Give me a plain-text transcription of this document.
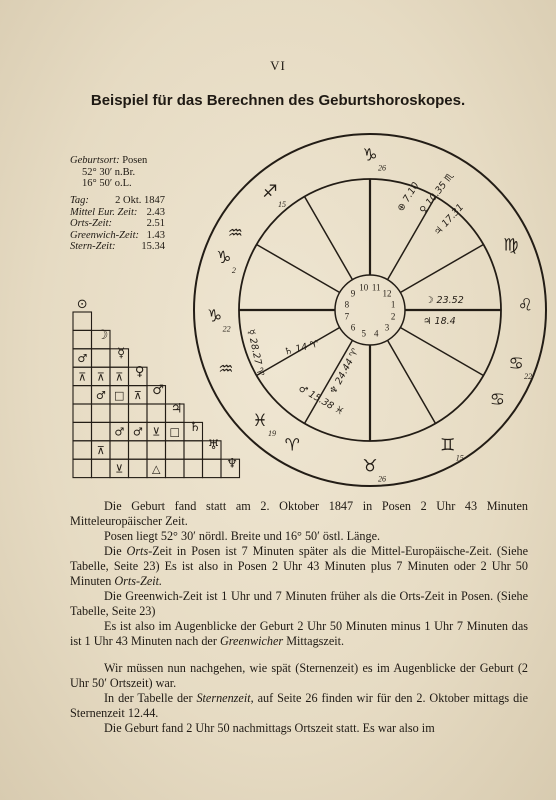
VI
Beispiel für das Berechnen des Geburtshoroskopes.
Geburtsort: Posen
52° 30′ n.Br.
16° 50′ o.L.
Tag:	2 Okt. 1847
Mittel Eur. Zeit: 2.43
Orts-Zeit:	2.51
Greenwich-Zeit: 1.43
Stern-Zeit: 15.34
1
2
3
4
5
6
7
8
9
10 11
12
♑
26
♒
♍
♌
♋
22
♋
♊
15
♉
26
♈
♓
19
♒
♑
22
♑
2
♐
15	⊕ 7.10
♀ 10.35 ♏
♃ 17.31
☽ 23.52
♃ 18.4
♄ 14 ♈
♂ 15.38 ♓
☿ 28.27 ♈	♆ 24.44 ♈
⊙
☽
☿
♀
♂
♃
♄
♅
♆
♂
⊼ ⊼ ⊼
♂ □ ⊼
♂ ♂ ⊻ □
⊼
⊻	△

Die Geburt fand statt am 2. Oktober 1847 in Posen 2 Uhr 43 Minuten Mitteleuropäischer Zeit.

Posen liegt 52° 30′ nördl. Breite und 16° 50′ östl. Länge.

Die Orts-Zeit in Posen ist 7 Minuten später als die Mittel-Europäische-Zeit. (Siehe Tabelle, Seite 23) Es ist also in Posen 2 Uhr 43 Minuten plus 7 Minuten oder 2 Uhr 50 Minuten Orts-Zeit.

Die Greenwich-Zeit ist 1 Uhr und 7 Minuten früher als die Orts-Zeit in Posen. (Siehe Tabelle, Seite 23)

Es ist also im Augenblicke der Geburt 2 Uhr 50 Minuten minus 1 Uhr 7 Minuten das ist 1 Uhr 43 Minuten nach der Greenwicher Mittagszeit.

Wir müssen nun nachgehen, wie spät (Sternenzeit) es im Augenblicke der Geburt (2 Uhr 50′ Ortszeit) war.

In der Tabelle der Sternenzeit, auf Seite 26 finden wir für den 2. Oktober mittags die Sternenzeit 12.44.

Die Geburt fand 2 Uhr 50 nachmittags Ortszeit statt. Es war also im
